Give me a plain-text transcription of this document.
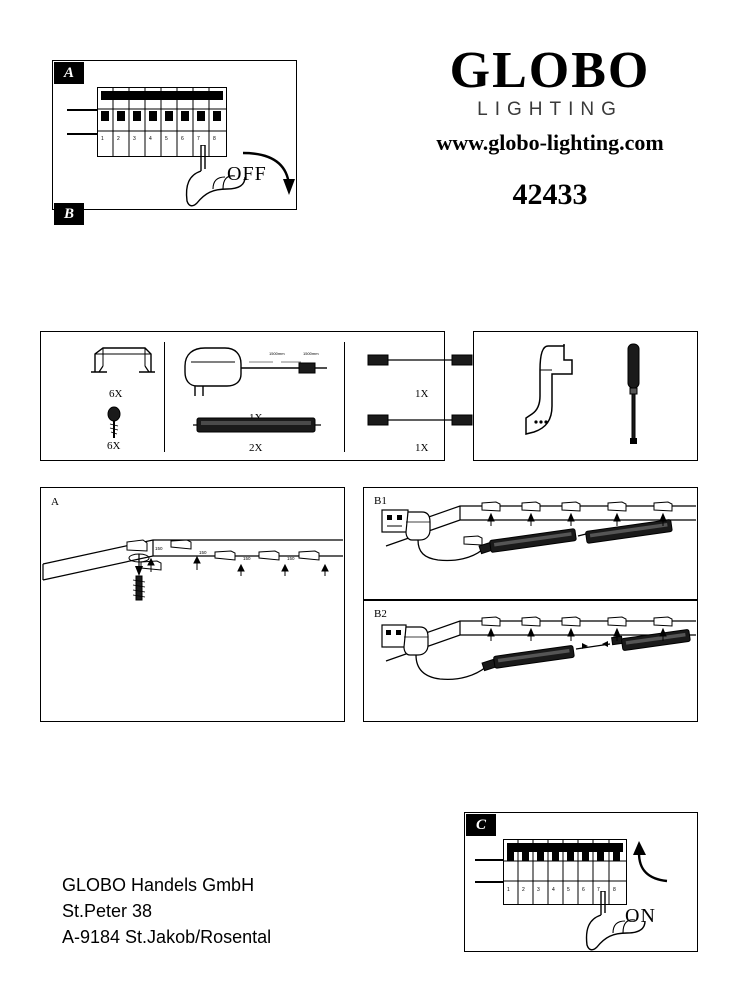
1	2	3	4	5	6	7	8
OFF
A
B
GLOBO
LIGHTING
www.globo-lighting.com
42433
6X
6X
1500mm	1500mm
2X
1X
1X
A
150
150
150	150
B1
B2
1 2 3 4 5 6 7	8
ON
C
GLOBO Handels GmbH
St.Peter 38
A-9184 St.Jakob/Rosental
